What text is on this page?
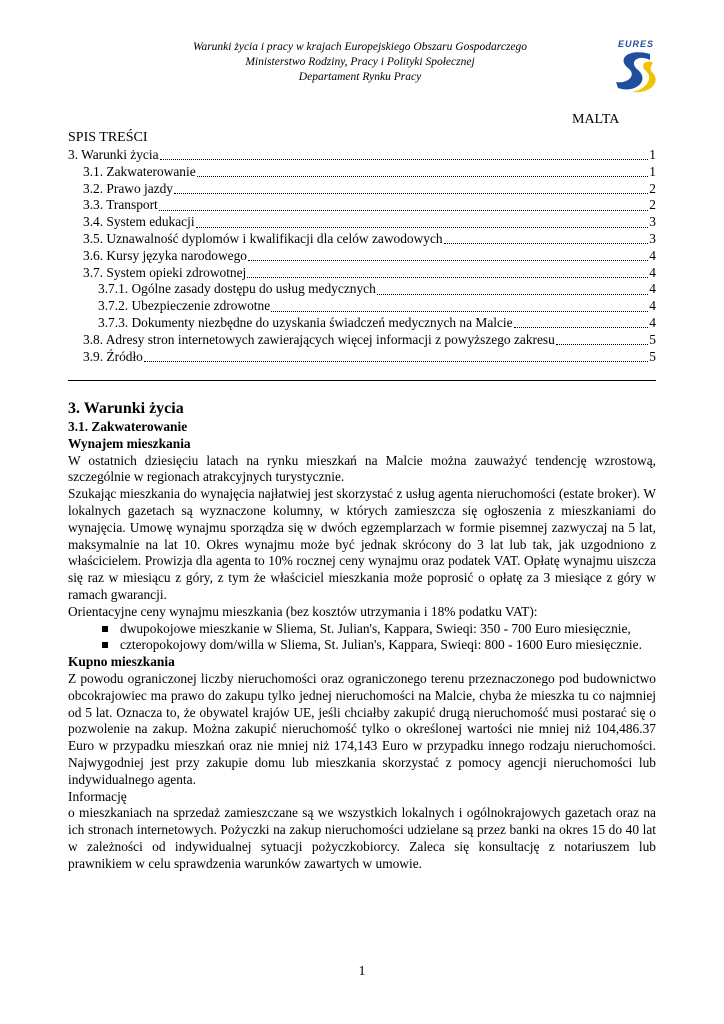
Warunki życia i pracy w krajach Europejskiego Obszaru Gospodarczego
Ministerstwo Rodziny, Pracy i Polityki Społecznej
Departament Rynku Pracy
EURES
MALTA
SPIS TREŚCI
3. Warunki życia	1
3.1. Zakwaterowanie	1
3.2. Prawo jazdy	2
3.3. Transport	2
3.4. System edukacji	3
3.5. Uznawalność dyplomów i kwalifikacji dla celów zawodowych	3
3.6. Kursy języka narodowego	4
3.7. System opieki zdrowotnej	4
3.7.1. Ogólne zasady dostępu do usług medycznych	4
3.7.2. Ubezpieczenie zdrowotne	4
3.7.3. Dokumenty niezbędne do uzyskania świadczeń medycznych na Malcie	4
3.8. Adresy stron internetowych zawierających więcej informacji z powyższego zakresu	5
3.9. Źródło	5

3. Warunki życia

3.1. Zakwaterowanie

Wynajem mieszkania

W ostatnich dziesięciu latach na rynku mieszkań na Malcie można zauważyć tendencję wzrostową, szczególnie w regionach atrakcyjnych turystycznie.

Szukając mieszkania do wynajęcia najłatwiej jest skorzystać z usług agenta nieruchomości (estate broker). W lokalnych gazetach są wyznaczone kolumny, w których zamieszcza się ogłoszenia z mieszkaniami do wynajęcia. Umowę wynajmu sporządza się w dwóch egzemplarzach w formie pisemnej zazwyczaj na 5 lat, maksymalnie na lat 10. Okres wynajmu może być jednak skrócony do 3 lat lub tak, jak uzgodniono z właścicielem. Prowizja dla agenta to 10% rocznej ceny wynajmu oraz podatek VAT. Opłatę wynajmu uiszcza się raz w miesiącu z góry, z tym że właściciel mieszkania może poprosić o opłatę za 3 miesiące z góry w ramach gwarancji.

Orientacyjne ceny wynajmu mieszkania (bez kosztów utrzymania i 18% podatku VAT):

dwupokojowe mieszkanie w Sliema, St. Julian's, Kappara, Swieqi: 350 - 700 Euro miesięcznie,
czteropokojowy dom/willa w Sliema, St. Julian's, Kappara, Swieqi: 800 - 1600 Euro miesięcznie.

Kupno mieszkania

Z powodu ograniczonej liczby nieruchomości oraz ograniczonego terenu przeznaczonego pod budownictwo obcokrajowiec ma prawo do zakupu tylko jednej nieruchomości na Malcie, chyba że mieszka tu co najmniej od 5 lat. Oznacza to, że obywatel krajów UE, jeśli chciałby zakupić drugą nieruchomość musi postarać się o pozwolenie na zakup. Można zakupić nieruchomość tylko o określonej wartości nie mniej niż 104,486.37 Euro w przypadku mieszkań oraz nie mniej niż 174,143 Euro w przypadku innego rodzaju nieruchomości. Najwygodniej jest przy zakupie domu lub mieszkania skorzystać z pomocy agencji nieruchomości lub indywidualnego agenta.

Informację

o mieszkaniach na sprzedaż zamieszczane są we wszystkich lokalnych i ogólnokrajowych gazetach oraz na ich stronach internetowych. Pożyczki na zakup nieruchomości udzielane są przez banki na okres 15 do 40 lat w zależności od indywidualnej sytuacji pożyczkobiorcy. Zaleca się konsultację z notariuszem lub prawnikiem w celu sprawdzenia warunków zawartych w umowie.

1
